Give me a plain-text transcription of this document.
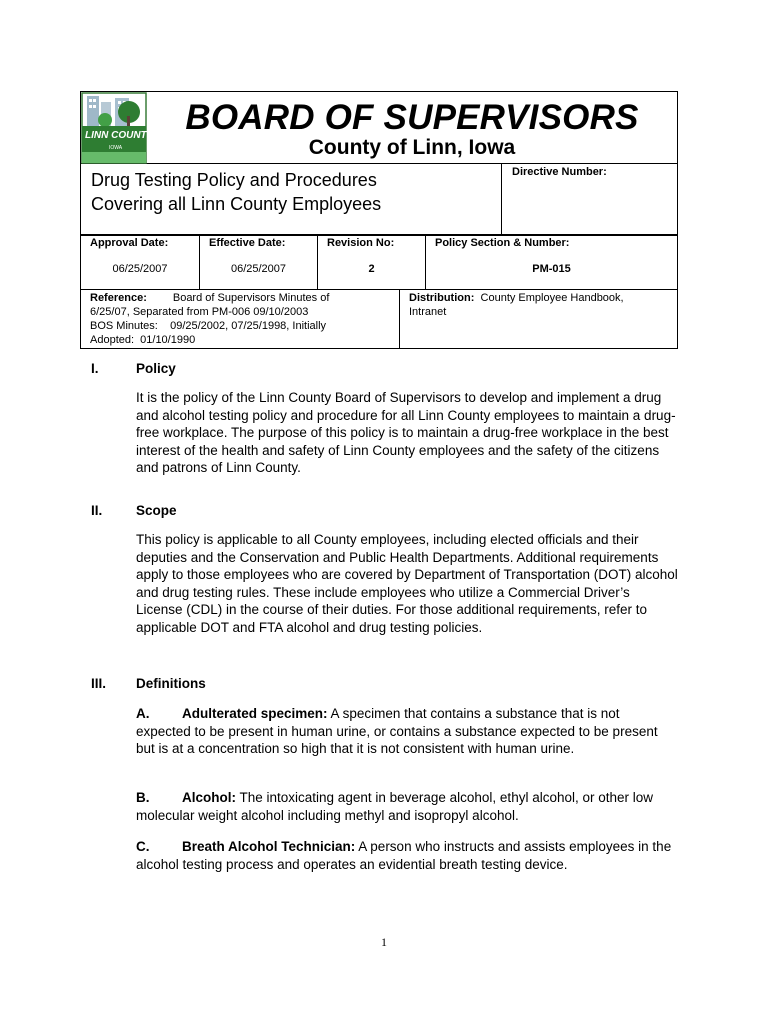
LINN COUNTY
IOWA
BOARD OF SUPERVISORS
County of Linn, Iowa
Drug Testing Policy and Procedures
Covering all Linn County Employees
Directive Number:
Approval Date:
06/25/2007
Effective Date:
06/25/2007
Revision No:
2
Policy Section & Number:
PM-015
Reference: Board of Supervisors Minutes of
6/25/07, Separated from PM-006 09/10/2003
BOS Minutes:    09/25/2002, 07/25/1998, Initially
Adopted:  01/10/1990
Distribution: County Employee Handbook,
Intranet
I.	Policy
It is the policy of the Linn County Board of Supervisors to develop and implement a drug and alcohol testing policy and procedure for all Linn County employees to maintain a drug-free workplace. The purpose of this policy is to maintain a drug-free workplace in the best interest of the health and safety of Linn County employees and the safety of the citizens and patrons of Linn County.
II. Scope
This policy is applicable to all County employees, including elected officials and their deputies and the Conservation and Public Health Departments. Additional requirements apply to those employees who are covered by Department of Transportation (DOT) alcohol and drug testing rules. These include employees who utilize a Commercial Driver’s License (CDL) in the course of their duties. For those additional requirements, refer to applicable DOT and FTA alcohol and drug testing policies.
III. Definitions
A. Adulterated specimen: A specimen that contains a substance that is not expected to be present in human urine, or contains a substance expected to be present but is at a concentration so high that it is not consistent with human urine.
B. Alcohol: The intoxicating agent in beverage alcohol, ethyl alcohol, or other low molecular weight alcohol including methyl and isopropyl alcohol.
C. Breath Alcohol Technician: A person who instructs and assists employees in the alcohol testing process and operates an evidential breath testing device.
1
